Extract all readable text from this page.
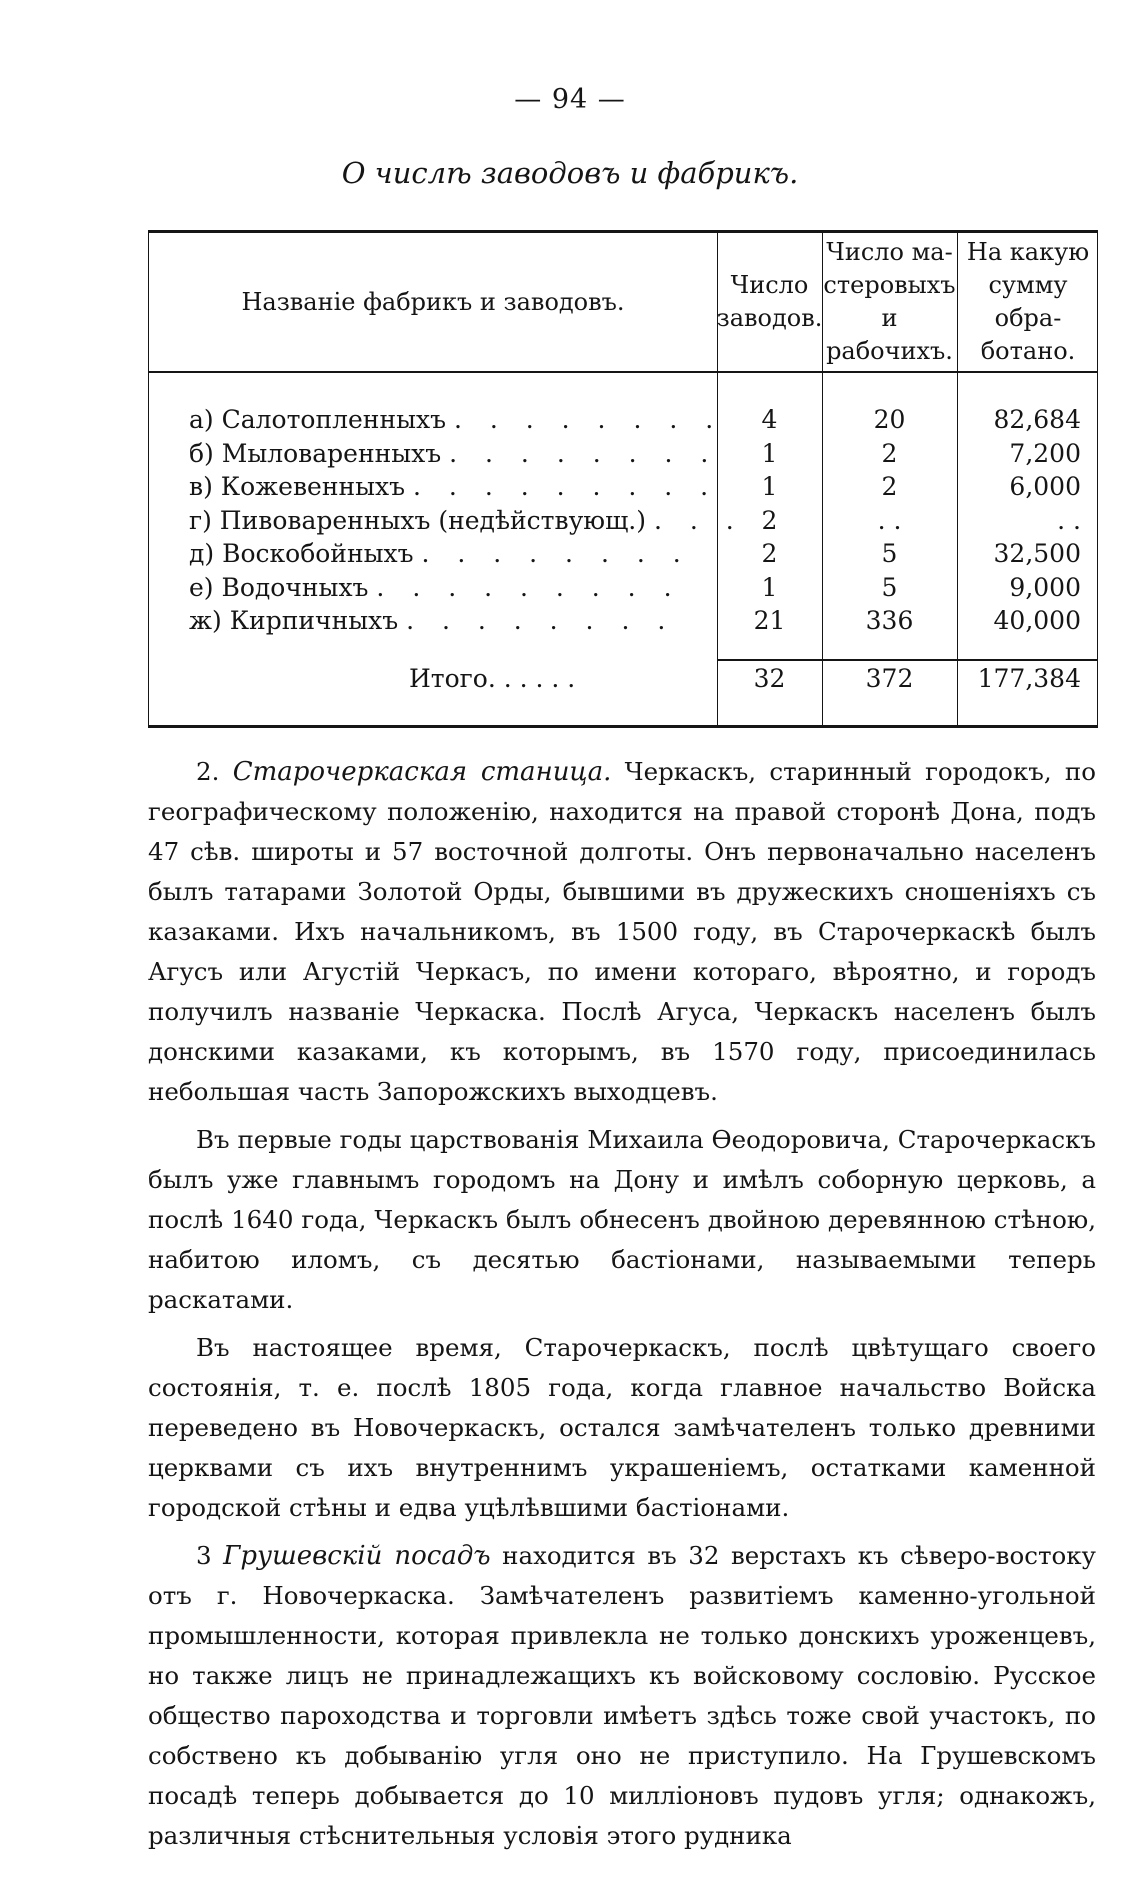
— 94 —
О числѣ заводовъ и фабрикъ.
Названіе фабрикъ и заводовъ.
Число
заводов.
Число ма-
стеровыхъ
и рабочихъ.
На какую
сумму обра-
ботано.
а) Салотопленныхъ . . . . . . . .	4	20	82,684
б) Мыловаренныхъ . . . . . . . .	1	2	7,200
в) Кожевенныхъ . . . . . . . . .	1	2	6,000
г) Пивоваренныхъ (недѣйствующ.) . . . 2	. .	. .
д) Воскобойныхъ . . . . . . . .	2	5	32,500
е) Водочныхъ . . . . . . . . .	1	5	9,000
ж) Кирпичныхъ . . . . . . . .	21	336	40,000
Итого. . . . . .	32	372	177,384

2. Старочеркаская станица. Черкаскъ, старинный городокъ, по географическому положенію, находится на правой сторонѣ Дона, подъ 47 сѣв. широты и 57 восточной долготы. Онъ первоначально населенъ былъ татарами Золотой Орды, бывшими въ дружескихъ сношеніяхъ съ казаками. Ихъ начальникомъ, въ 1500 году, въ Старочеркаскѣ былъ Агусъ или Агустій Черкасъ, по имени котораго, вѣроятно, и городъ получилъ названіе Черкаска. Послѣ Агуса, Черкаскъ населенъ былъ донскими казаками, къ которымъ, въ 1570 году, присоединилась небольшая часть Запорожскихъ выходцевъ.

Въ первые годы царствованія Михаила Өеодоровича, Старочеркаскъ былъ уже главнымъ городомъ на Дону и имѣлъ соборную церковь, а послѣ 1640 года, Черкаскъ былъ обнесенъ двойною деревянною стѣною, набитою иломъ, съ десятью бастіонами, называемыми теперь раскатами.

Въ настоящее время, Старочеркаскъ, послѣ цвѣтущаго своего состоянія, т. е. послѣ 1805 года, когда главное начальство Войска переведено въ Новочеркаскъ, остался замѣчателенъ только древними церквами съ ихъ внутреннимъ украшеніемъ, остатками каменной городской стѣны и едва уцѣлѣвшими бастіонами.

3 Грушевскій посадъ находится въ 32 верстахъ къ сѣверо-востоку отъ г. Новочеркаска. Замѣчателенъ развитіемъ каменно-угольной промышленности, которая привлекла не только донскихъ уроженцевъ, но также лицъ не принадлежащихъ къ войсковому сословію. Русское общество пароходства и торговли имѣетъ здѣсь тоже свой участокъ, по собствено къ добыванію угля оно не приступило. На Грушевскомъ посадѣ теперь добывается до 10 милліоновъ пудовъ угля; однакожъ, различныя стѣснительныя условія этого рудника
